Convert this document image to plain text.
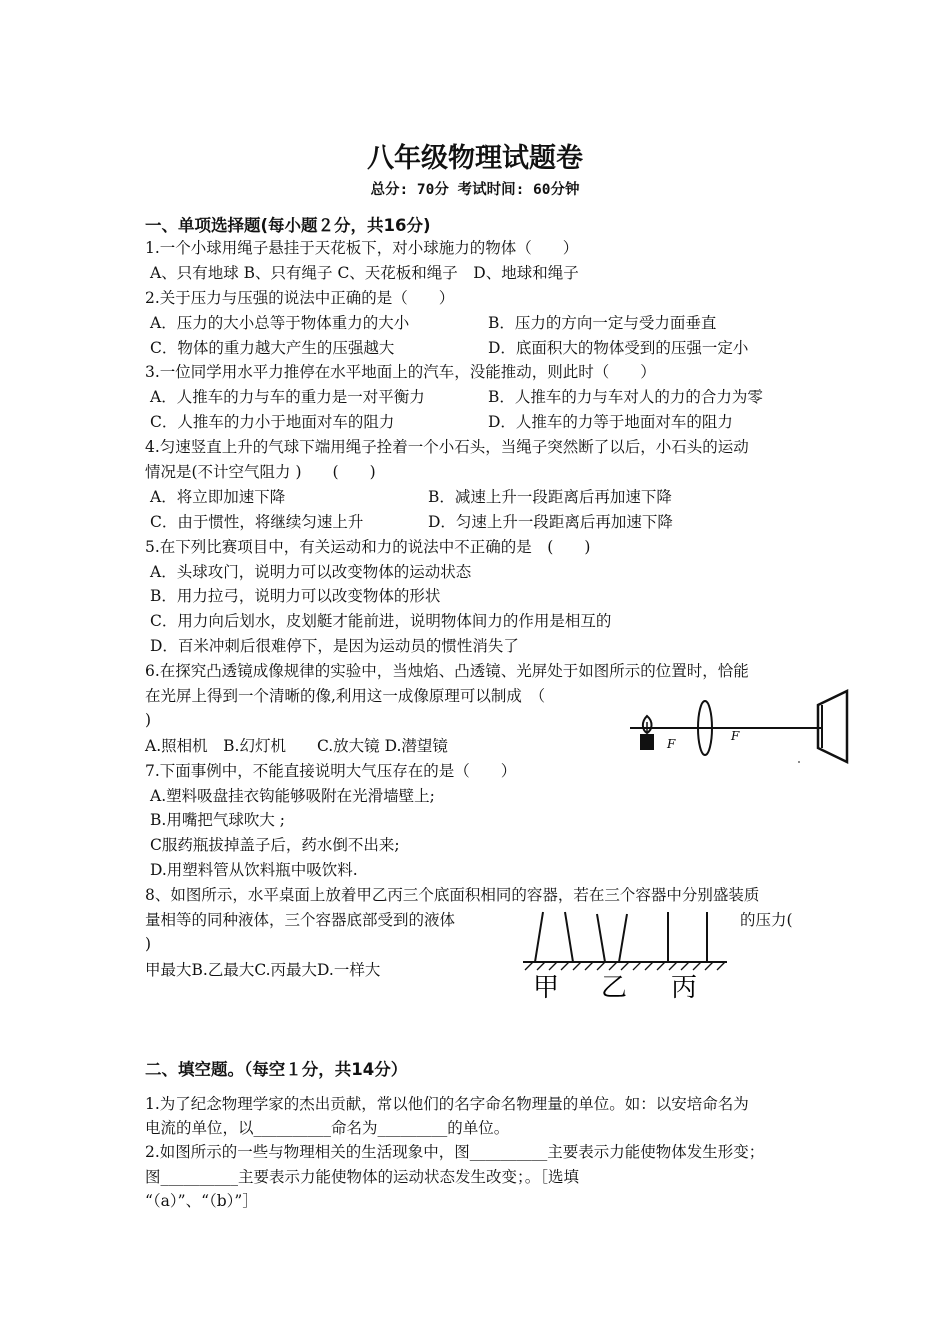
八年级物理试题卷
总分: 70分 考试时间: 60分钟
一、单项选择题(每小题２分，共16分)
1.一个小球用绳子悬挂于天花板下，对小球施力的物体（　　）
A、只有地球 B、只有绳子 C、天花板和绳子　D、地球和绳子
2.关于压力与压强的说法中正确的是（　　）
A．压力的大小总等于物体重力的大小	B．压力的方向一定与受力面垂直
C．物体的重力越大产生的压强越大	D．底面积大的物体受到的压强一定小
3.一位同学用水平力推停在水平地面上的汽车，没能推动，则此时（　　）
A．人推车的力与车的重力是一对平衡力	B．人推车的力与车对人的力的合力为零
C．人推车的力小于地面对车的阻力	D．人推车的力等于地面对车的阻力
4.匀速竖直上升的气球下端用绳子拴着一个小石头，当绳子突然断了以后，小石头的运动
情况是(不计空气阻力 )　　(　　)
A．将立即加速下降	B．减速上升一段距离后再加速下降
C．由于惯性，将继续匀速上升	D．匀速上升一段距离后再加速下降
5.在下列比赛项目中，有关运动和力的说法中不正确的是　(　　)
A．头球攻门，说明力可以改变物体的运动状态
B．用力拉弓，说明力可以改变物体的形状
C．用力向后划水，皮划艇才能前进，说明物体间力的作用是相互的
D．百米冲刺后很难停下，是因为运动员的惯性消失了
6.在探究凸透镜成像规律的实验中，当烛焰、凸透镜、光屏处于如图所示的位置时，恰能
在光屏上得到一个清晰的像,利用这一成像原理可以制成　（
)
A.照相机　B.幻灯机　　C.放大镜 D.潜望镜	F
F
7.下面事例中，不能直接说明大气压存在的是（　　）
A.塑料吸盘挂衣钩能够吸附在光滑墙壁上;
B.用嘴把气球吹大 ;
C服药瓶拔掉盖子后，药水倒不出来;
D.用塑料管从饮料瓶中吸饮料.
8、如图所示，水平桌面上放着甲乙丙三个底面积相同的容器，若在三个容器中分别盛装质
量相等的同种液体，三个容器底部受到的液体	的压力(
)
甲最大B.乙最大C.丙最大D.一样大
甲 乙 丙
二、填空题。（每空１分，共14分）
1.为了纪念物理学家的杰出贡献，常以他们的名字命名物理量的单位。如：以安培命名为
电流的单位，以__________命名为_________的单位。
2.如图所示的一些与物理相关的生活现象中，图__________主要表示力能使物体发生形变；
图__________主要表示力能使物体的运动状态发生改变；。［选填
“（a）”、“（b）”］
